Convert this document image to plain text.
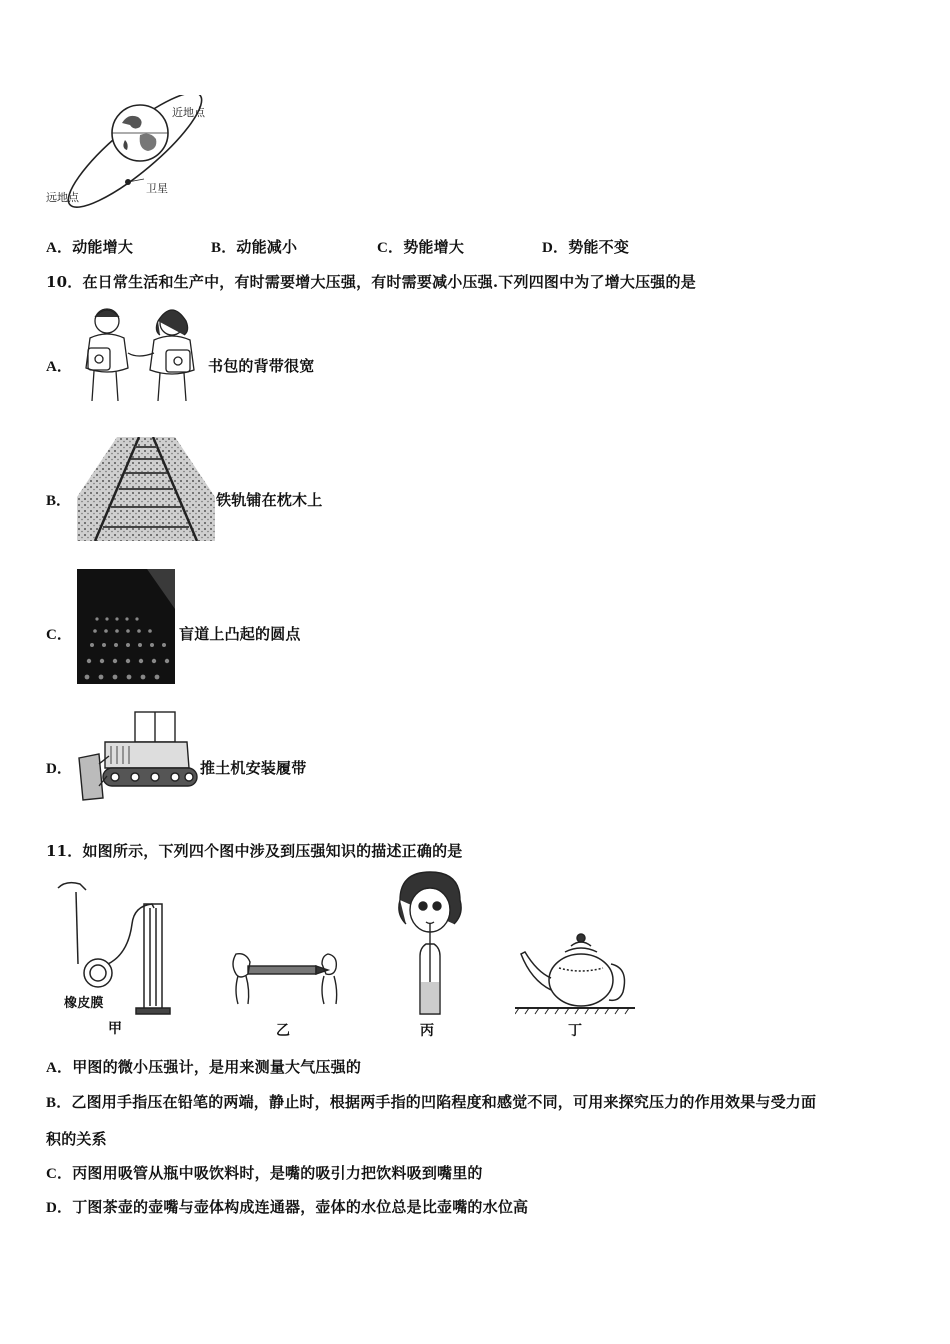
近地点
远地点
卫星
A．动能增大	B．动能减小	C．势能增大	D．势能不变
10．在日常生活和生产中，有时需要增大压强，有时需要减小压强.下列四图中为了增大压强的是
A．	书包的背带很宽
B．	铁轨铺在枕木上
C．	盲道上凸起的圆点
D．	推土机安装履带
11．如图所示，下列四个图中涉及到压强知识的描述正确的是
橡皮膜
甲	乙	丙	丁
A．甲图的微小压强计，是用来测量大气压强的
B．乙图用手指压在铅笔的两端，静止时，根据两手指的凹陷程度和感觉不同，可用来探究压力的作用效果与受力面
积的关系
C．丙图用吸管从瓶中吸饮料时，是嘴的吸引力把饮料吸到嘴里的
D．丁图茶壶的壶嘴与壶体构成连通器，壶体的水位总是比壶嘴的水位高
